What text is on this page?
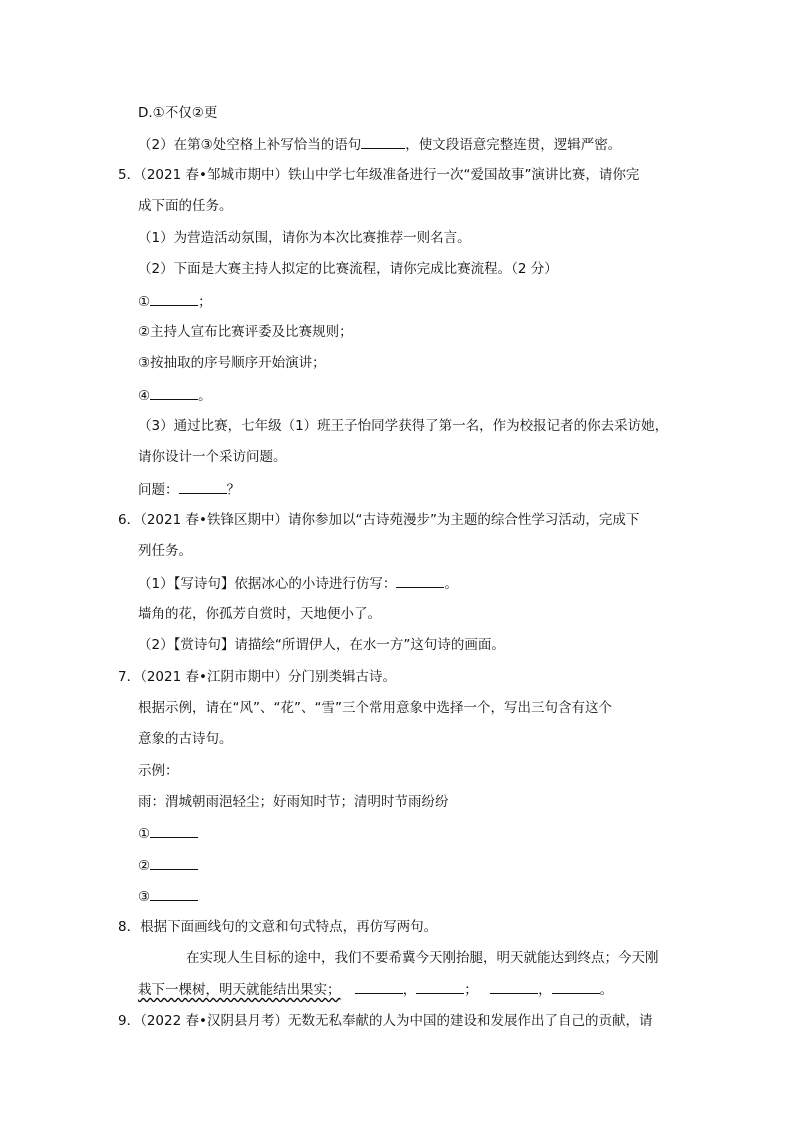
D.①不仅②更
（2）在第③处空格上补写恰当的语句	，使文段语意完整连贯，逻辑严密。
5．（2021 春•邹城市期中）铁山中学七年级准备进行一次“爱国故事”演讲比赛，请你完
成下面的任务。
（1）为营造活动氛围，请你为本次比赛推荐一则名言。
（2）下面是大赛主持人拟定的比赛流程，请你完成比赛流程。（2 分）
①	；
②主持人宣布比赛评委及比赛规则；
③按抽取的序号顺序开始演讲；
④	。
（3）通过比赛，七年级（1）班王子怡同学获得了第一名，作为校报记者的你去采访她，
请你设计一个采访问题。
问题：	？
6．（2021 春•铁锋区期中）请你参加以“古诗苑漫步”为主题的综合性学习活动，完成下
列任务。
（1）【写诗句】依据冰心的小诗进行仿写：	。
墙角的花，你孤芳自赏时，天地便小了。
（2）【赏诗句】请描绘“所谓伊人，在水一方”这句诗的画面。
7．（2021 春•江阴市期中）分门别类辑古诗。
根据示例，请在“风”、“花”、“雪”三个常用意象中选择一个，写出三句含有这个
意象的古诗句。
示例：
雨：渭城朝雨浥轻尘；好雨知时节；清明时节雨纷纷
①
②
③
8．根据下面画线句的文意和句式特点，再仿写两句。
在实现人生目标的途中，我们不要希冀今天刚抬腿，明天就能达到终点；今天刚
栽下一棵树，明天就能结出果实；	，	；	，	。
9．（2022 春•汉阴县月考）无数无私奉献的人为中国的建设和发展作出了自己的贡献，请
